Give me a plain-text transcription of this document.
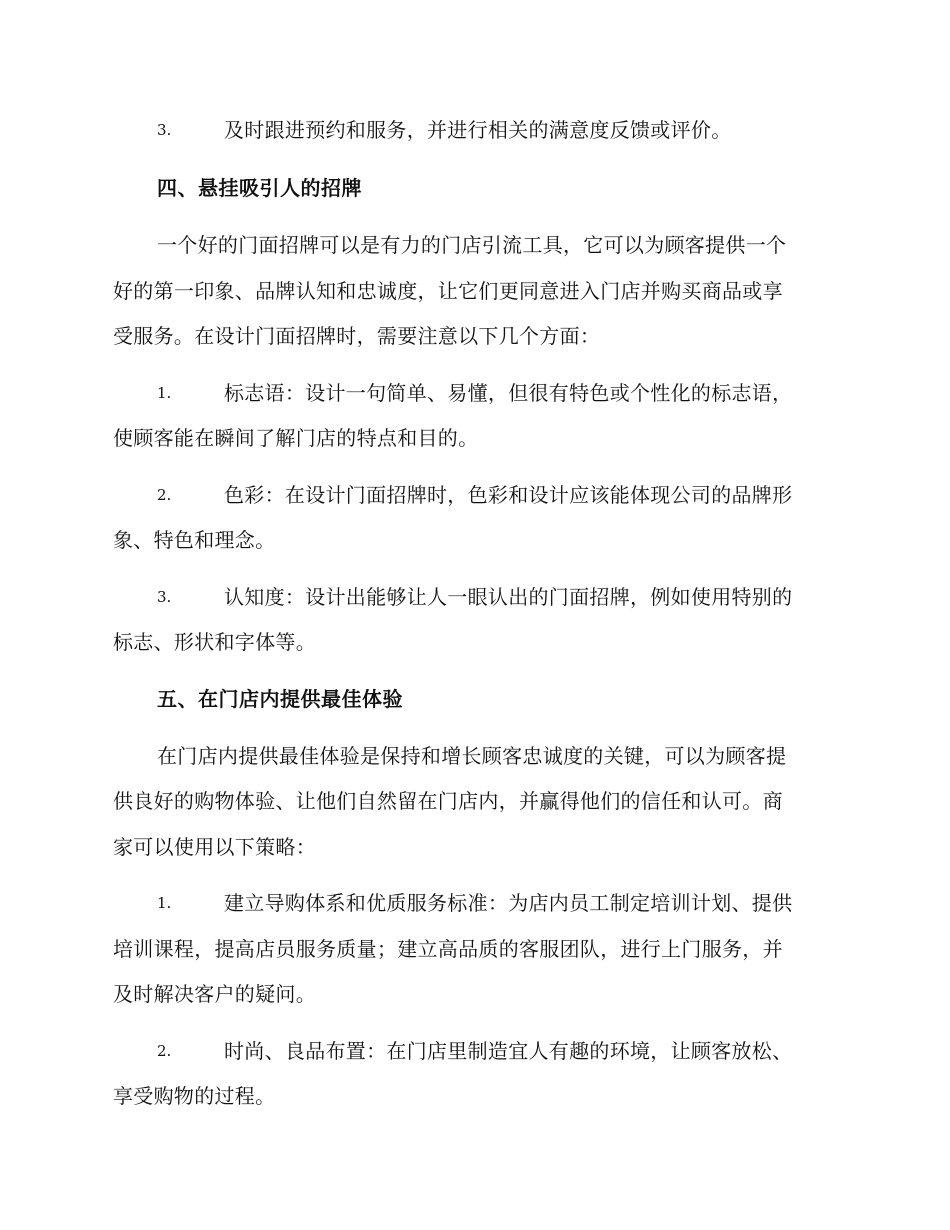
3.	及时跟进预约和服务，并进行相关的满意度反馈或评价。
四、悬挂吸引人的招牌
一个好的门面招牌可以是有力的门店引流工具，它可以为顾客提供一个
好的第一印象、品牌认知和忠诚度，让它们更同意进入门店并购买商品或享
受服务。在设计门面招牌时，需要注意以下几个方面：
1.	标志语：设计一句简单、易懂，但很有特色或个性化的标志语，
使顾客能在瞬间了解门店的特点和目的。
2.	色彩：在设计门面招牌时，色彩和设计应该能体现公司的品牌形
象、特色和理念。
3.	认知度：设计出能够让人一眼认出的门面招牌，例如使用特别的
标志、形状和字体等。
五、在门店内提供最佳体验
在门店内提供最佳体验是保持和增长顾客忠诚度的关键，可以为顾客提
供良好的购物体验、让他们自然留在门店内，并赢得他们的信任和认可。商
家可以使用以下策略：
1.	建立导购体系和优质服务标准：为店内员工制定培训计划、提供
培训课程，提高店员服务质量；建立高品质的客服团队，进行上门服务，并
及时解决客户的疑问。
2.	时尚、良品布置：在门店里制造宜人有趣的环境，让顾客放松、
享受购物的过程。
